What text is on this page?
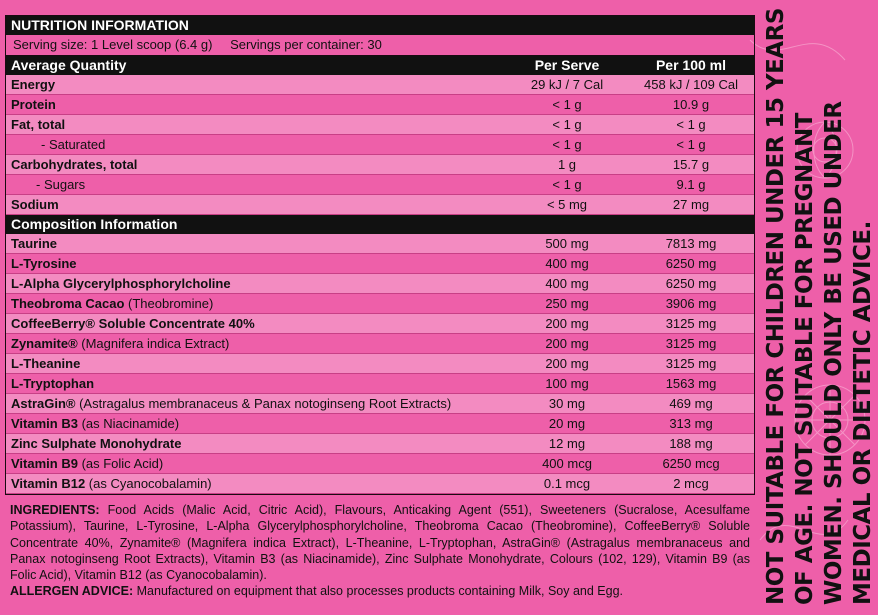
NUTRITION INFORMATION
Serving size: 1 Level scoop (6.4 g) Servings per container: 30
Average Quantity	Per Serve	Per 100 ml
Energy	29 kJ / 7 Cal	458 kJ / 109 Cal
Protein	< 1 g	10.9 g
Fat, total	< 1 g	< 1 g
- Saturated	< 1 g	< 1 g
Carbohydrates, total	1 g	15.7 g
- Sugars	< 1 g	9.1 g
Sodium	< 5 mg	27 mg
Composition Information
Taurine	500 mg	7813 mg
L-Tyrosine	400 mg	6250 mg
L-Alpha Glycerylphosphorylcholine	400 mg	6250 mg
Theobroma Cacao (Theobromine)	250 mg	3906 mg
CoffeeBerry® Soluble Concentrate 40%	200 mg	3125 mg
Zynamite® (Magnifera indica Extract)	200 mg	3125 mg
L-Theanine	200 mg	3125 mg
L-Tryptophan	100 mg	1563 mg
AstraGin® (Astragalus membranaceus & Panax notoginseng Root Extracts)	30 mg	469 mg
Vitamin B3 (as Niacinamide)	20 mg	313 mg
Zinc Sulphate Monohydrate	12 mg	188 mg
Vitamin B9 (as Folic Acid)	400 mcg	6250 mcg
Vitamin B12 (as Cyanocobalamin)	0.1 mcg	2 mcg
INGREDIENTS: Food Acids (Malic Acid, Citric Acid), Flavours, Anticaking Agent (551), Sweeteners (Sucralose, Acesulfame Potassium), Taurine, L-Tyrosine, L-Alpha Glycerylphosphorylcholine, Theobroma Cacao (Theobromine), CoffeeBerry® Soluble Concentrate 40%, Zynamite® (Magnifera indica Extract), L-Theanine, L-Tryptophan, AstraGin® (Astragalus membranaceus and Panax notoginseng Root Extracts), Vitamin B3 (as Niacinamide), Zinc Sulphate Monohydrate, Colours (102, 129), Vitamin B9 (as Folic Acid), Vitamin B12 (as Cyanocobalamin).
ALLERGEN ADVICE: Manufactured on equipment that also processes products containing Milk, Soy and Egg.	NOT SUITABLE FOR CHILDREN UNDER 15 YEARS OF AGE. NOT SUITABLE FOR PREGNANT WOMEN. SHOULD ONLY BE USED UNDER MEDICAL OR DIETETIC ADVICE.
